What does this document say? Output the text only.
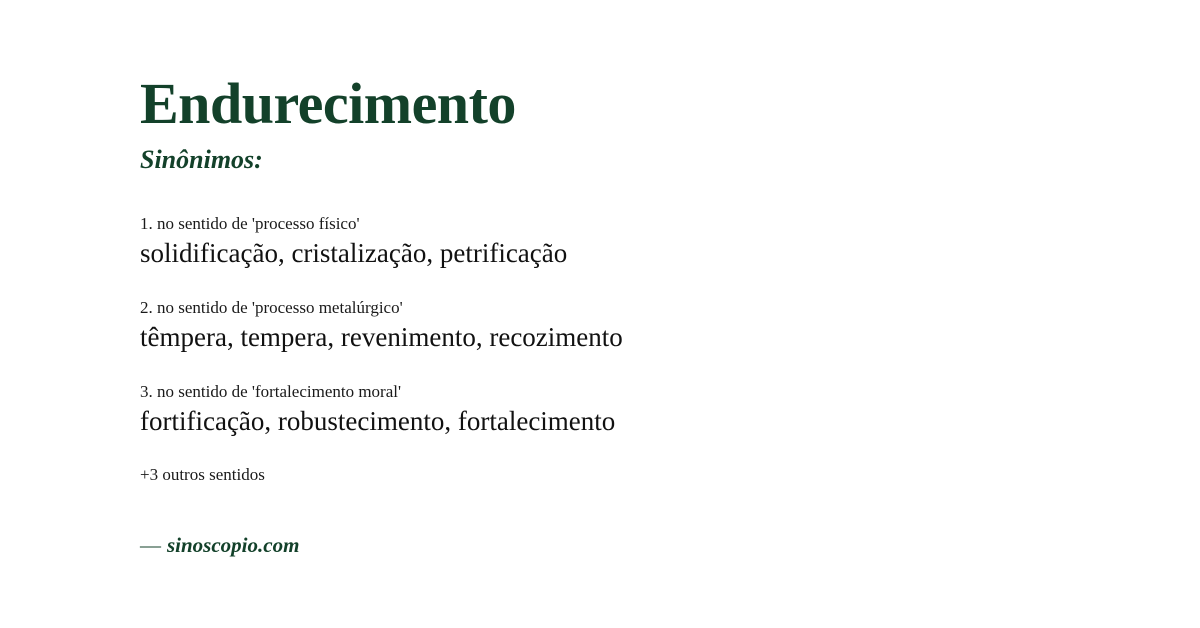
Endurecimento
Sinônimos:
1. no sentido de 'processo físico'
solidificação, cristalização, petrificação
2. no sentido de 'processo metalúrgico'
têmpera, tempera, revenimento, recozimento
3. no sentido de 'fortalecimento moral'
fortificação, robustecimento, fortalecimento
+3 outros sentidos
— sinoscopio.com
